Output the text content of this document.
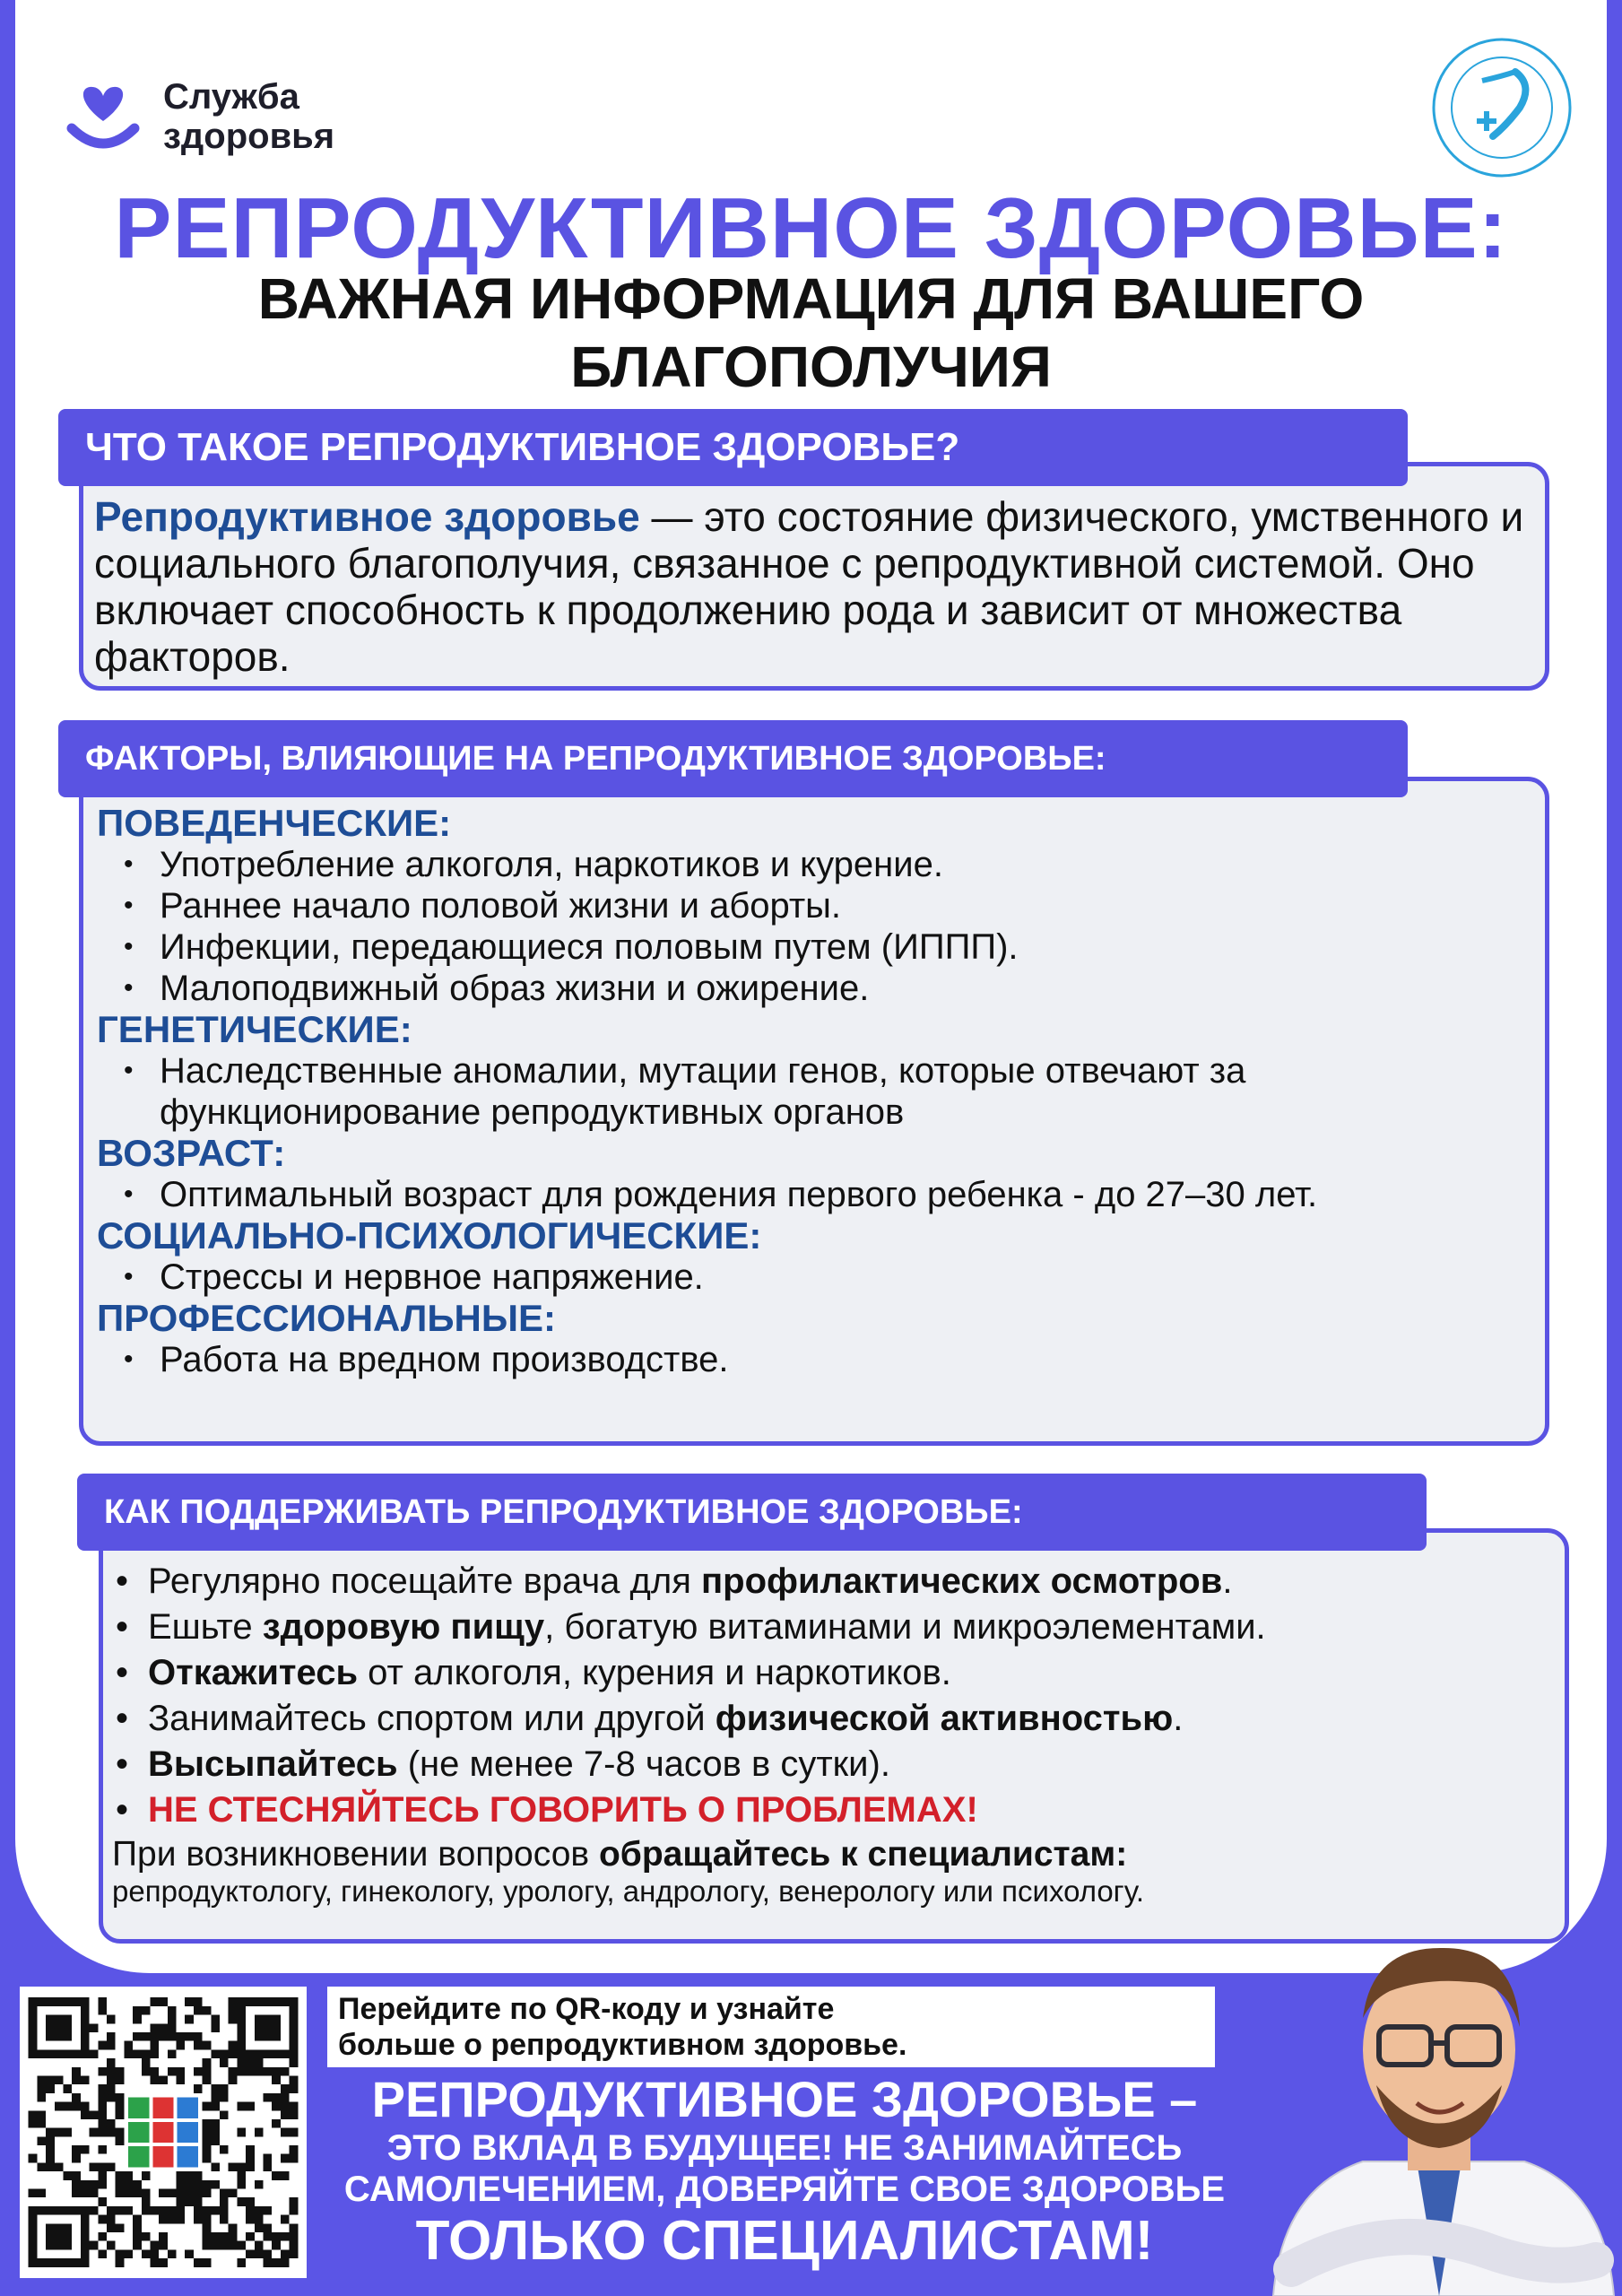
Служба
здоровья
РЕПРОДУКТИВНОЕ ЗДОРОВЬЕ:
ВАЖНАЯ ИНФОРМАЦИЯ ДЛЯ ВАШЕГО
БЛАГОПОЛУЧИЯ
ЧТО ТАКОЕ РЕПРОДУКТИВНОЕ ЗДОРОВЬЕ?
Репродуктивное здоровье — это состояние физического, умственного и социального благополучия, связанное с репродуктивной системой. Оно включает способность к продолжению рода и зависит от множества факторов.
ФАКТОРЫ, ВЛИЯЮЩИЕ НА РЕПРОДУКТИВНОЕ ЗДОРОВЬЕ:
ПОВЕДЕНЧЕСКИЕ:
• Употребление алкоголя, наркотиков и курение.
• Раннее начало половой жизни и аборты.
• Инфекции, передающиеся половым путем (ИППП).
• Малоподвижный образ жизни и ожирение.
ГЕНЕТИЧЕСКИЕ:
• Наследственные аномалии, мутации генов, которые отвечают за функционирование репродуктивных органов
ВОЗРАСТ:
• Оптимальный возраст для рождения первого ребенка - до 27–30 лет.
СОЦИАЛЬНО-ПСИХОЛОГИЧЕСКИЕ:
• Стрессы и нервное напряжение.
ПРОФЕССИОНАЛЬНЫЕ:
• Работа на вредном производстве.
КАК ПОДДЕРЖИВАТЬ РЕПРОДУКТИВНОЕ ЗДОРОВЬЕ:
• Регулярно посещайте врача для профилактических осмотров.
• Ешьте здоровую пищу, богатую витаминами и микроэлементами.
• Откажитесь от алкоголя, курения и наркотиков.
• Занимайтесь спортом или другой физической активностью.
• Высыпайтесь (не менее 7-8 часов в сутки).
• НЕ СТЕСНЯЙТЕСЬ ГОВОРИТЬ О ПРОБЛЕМАХ!
При возникновении вопросов обращайтесь к специалистам:
репродуктологу, гинекологу, урологу, андрологу, венерологу или психологу.
Перейдите по QR-коду и узнайте
больше о репродуктивном здоровье.
РЕПРОДУКТИВНОЕ ЗДОРОВЬЕ –
ЭТО ВКЛАД В БУДУЩЕЕ! НЕ ЗАНИМАЙТЕСЬ
САМОЛЕЧЕНИЕМ, ДОВЕРЯЙТЕ СВОЕ ЗДОРОВЬЕ
ТОЛЬКО СПЕЦИАЛИСТАМ!
